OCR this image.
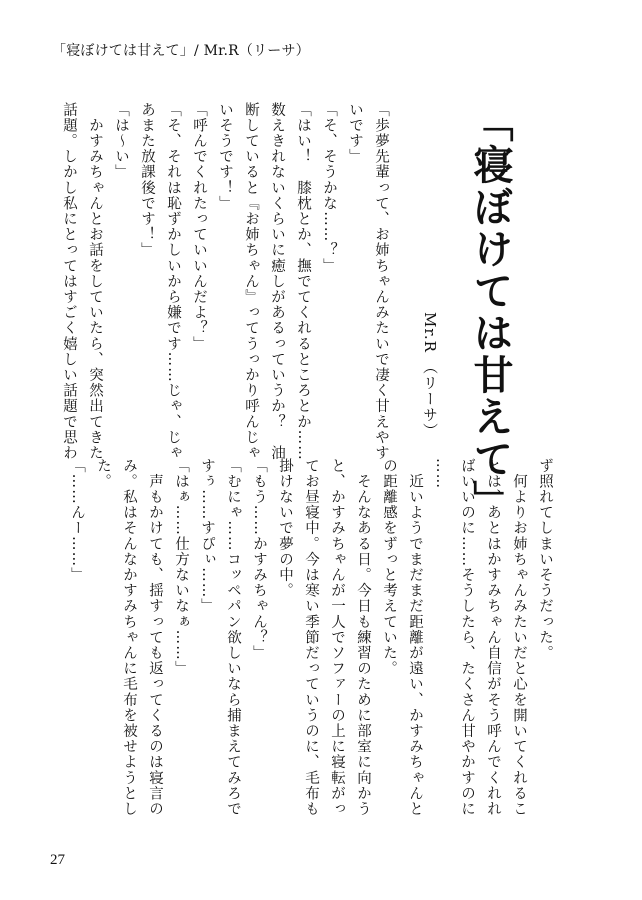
「寝ぼけては甘えて」/ Mr.R（リーサ）
「寝ぼけては甘えて」
Mr.R （リーサ）
「歩夢先輩って、お姉ちゃんみたいで凄く甘えやす
いです」
「そ、そうかな……？」
「はい！　膝枕とか、撫でてくれるところとか……
数えきれないくらいに癒しがあるっていうか？　油
断していると『お姉ちゃん』ってうっかり呼んじゃ
いそうです！」
「呼んでくれたっていいんだよ？」
「そ、それは恥ずかしいから嫌です……じゃ、じゃ
あまた放課後です！」
「は～い」
　かすみちゃんとお話をしていたら、突然出てきた
話題。しかし私にとってはすごく嬉しい話題で思わ
ず照れてしまいそうだった。
　何よりお姉ちゃんみたいだと心を開いてくれるこ
とは、あとはかすみちゃん自信がそう呼んでくれれ
ばいいのに……そうしたら、たくさん甘やかすのに
……
　近いようでまだまだ距離が遠い、かすみちゃんと
の距離感をずっと考えていた。
　そんなある日。今日も練習のために部室に向かう
と、かすみちゃんが一人でソファーの上に寝転がっ
てお昼寝中。今は寒い季節だっていうのに、毛布も
掛けないで夢の中。
「もう……かすみちゃん？」
「むにゃ……コッペパン欲しいなら捕まえてみろで
すぅ……すぴぃ……」
「はぁ……仕方ないなぁ……」
　声もかけても、揺すっても返ってくるのは寝言の
み。私はそんなかすみちゃんに毛布を被せようとし
た。
「……んー……」
27
